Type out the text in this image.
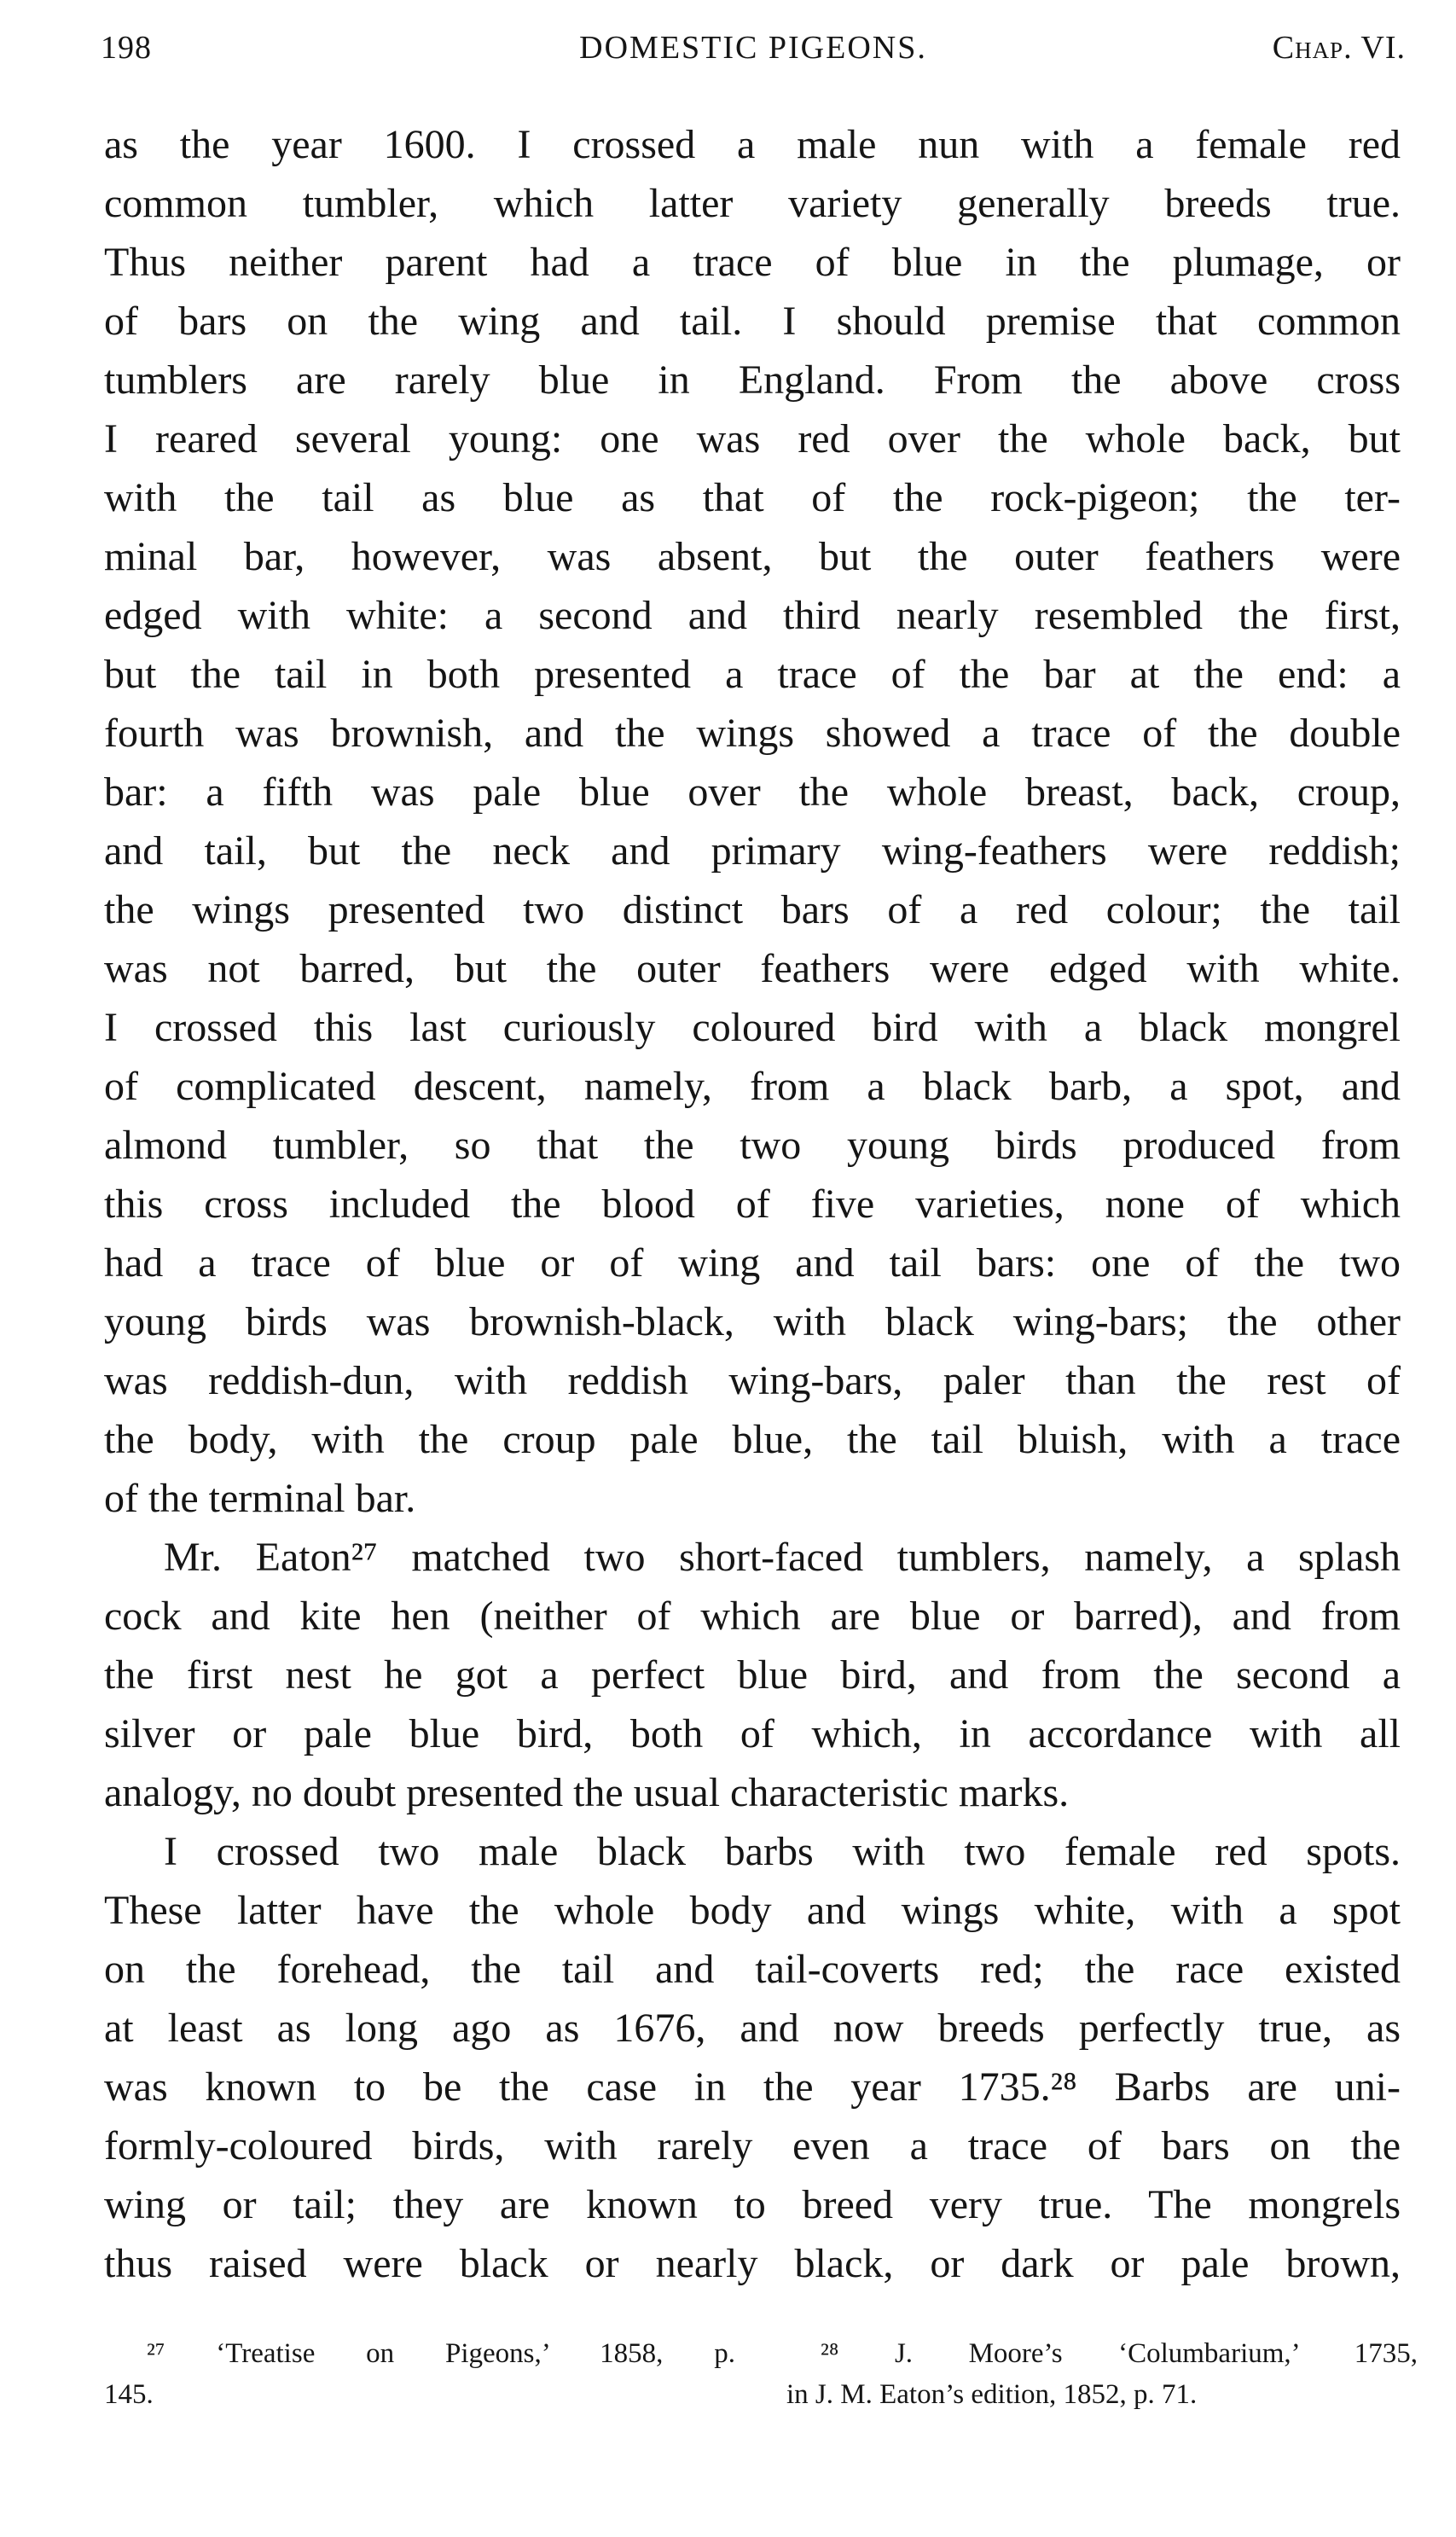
198	DOMESTIC PIGEONS.	Chap. VI.
as the year 1600. I crossed a male nun with a female red
common tumbler, which latter variety generally breeds true.
Thus neither parent had a trace of blue in the plumage, or
of bars on the wing and tail. I should premise that common
tumblers are rarely blue in England. From the above cross
I reared several young: one was red over the whole back, but
with the tail as blue as that of the rock-pigeon; the ter-
minal bar, however, was absent, but the outer feathers were
edged with white: a second and third nearly resembled the first,
but the tail in both presented a trace of the bar at the end: a
fourth was brownish, and the wings showed a trace of the double
bar: a fifth was pale blue over the whole breast, back, croup,
and tail, but the neck and primary wing-feathers were reddish;
the wings presented two distinct bars of a red colour; the tail
was not barred, but the outer feathers were edged with white.
I crossed this last curiously coloured bird with a black mongrel
of complicated descent, namely, from a black barb, a spot, and
almond tumbler, so that the two young birds produced from
this cross included the blood of five varieties, none of which
had a trace of blue or of wing and tail bars: one of the two
young birds was brownish-black, with black wing-bars; the other
was reddish-dun, with reddish wing-bars, paler than the rest of
the body, with the croup pale blue, the tail bluish, with a trace
of the terminal bar.
Mr. Eaton²⁷ matched two short-faced tumblers, namely, a splash
cock and kite hen (neither of which are blue or barred), and from
the first nest he got a perfect blue bird, and from the second a
silver or pale blue bird, both of which, in accordance with all
analogy, no doubt presented the usual characteristic marks.
I crossed two male black barbs with two female red spots.
These latter have the whole body and wings white, with a spot
on the forehead, the tail and tail-coverts red; the race existed
at least as long ago as 1676, and now breeds perfectly true, as
was known to be the case in the year 1735.²⁸ Barbs are uni-
formly-coloured birds, with rarely even a trace of bars on the
wing or tail; they are known to breed very true. The mongrels
thus raised were black or nearly black, or dark or pale brown,
²⁷ ‘Treatise on Pigeons,’ 1858, p.
145.
²⁸ J. Moore’s ‘Columbarium,’ 1735,
in J. M. Eaton’s edition, 1852, p. 71.
